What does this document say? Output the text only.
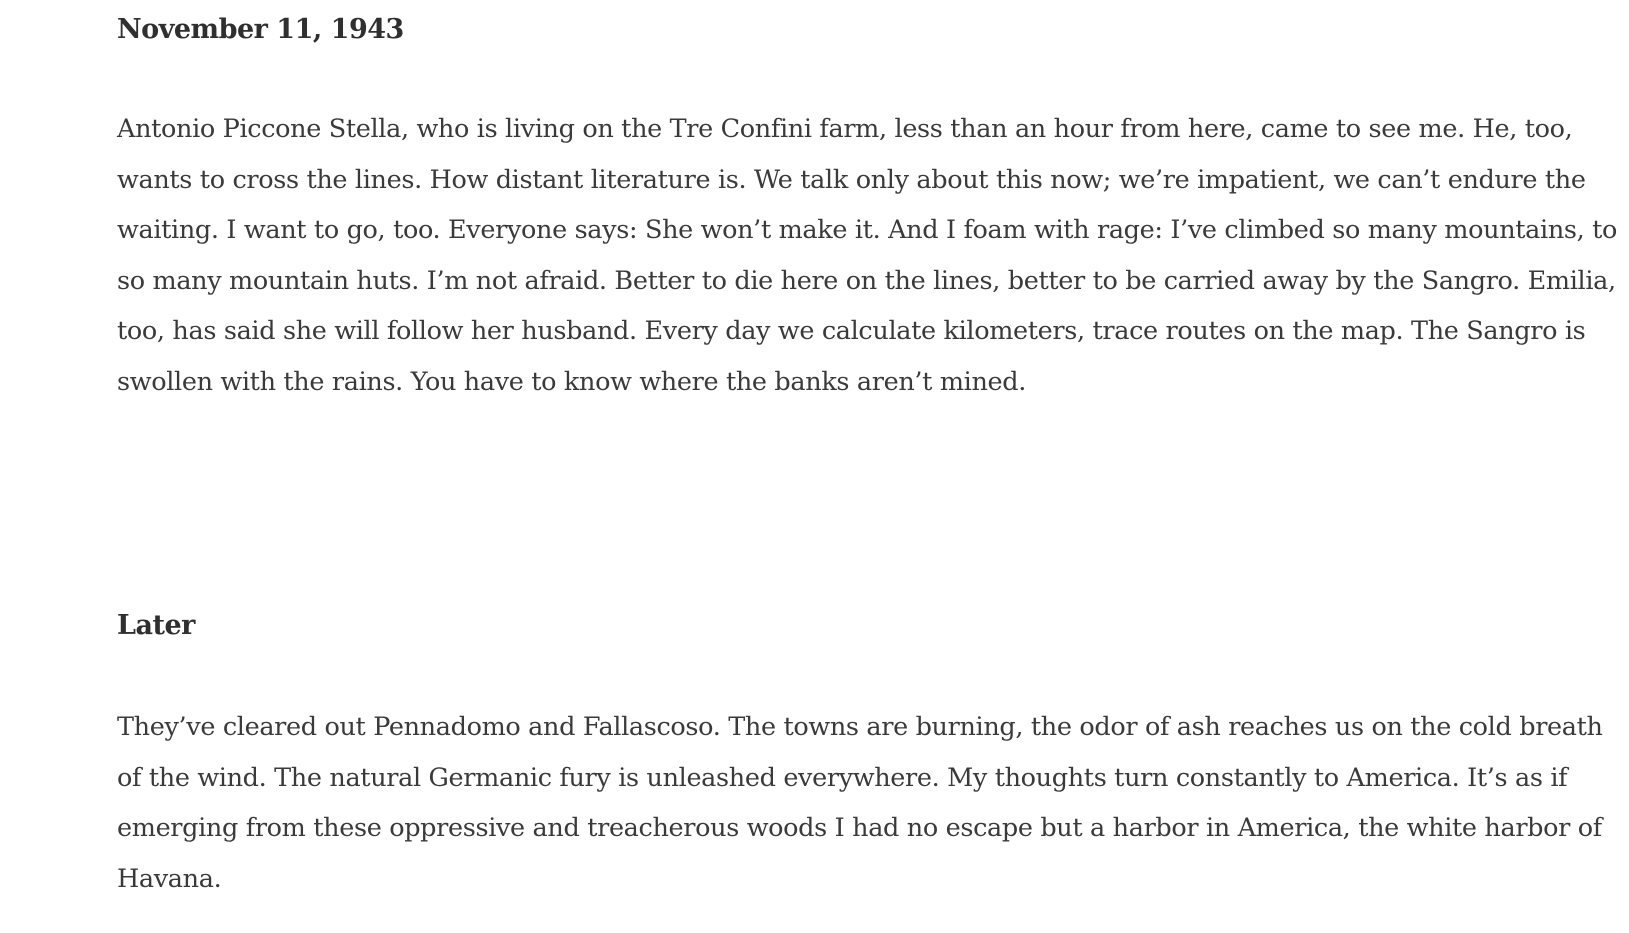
November 11, 1943

Antonio Piccone Stella, who is living on the Tre Confini farm, less than an hour from here, came to see me. He, too, wants to cross the lines. How distant literature is. We talk only about this now; we’re impatient, we can’t endure the waiting. I want to go, too. Everyone says: She won’t make it. And I foam with rage: I’ve climbed so many mountains, to so many mountain huts. I’m not afraid. Better to die here on the lines, better to be carried away by the Sangro. Emilia, too, has said she will follow her husband. Every day we calculate kilometers, trace routes on the map. The Sangro is swollen with the rains. You have to know where the banks aren’t mined.

Later

They’ve cleared out Pennadomo and Fallascoso. The towns are burning, the odor of ash reaches us on the cold breath of the wind. The natural Germanic fury is unleashed everywhere. My thoughts turn constantly to America. It’s as if emerging from these oppressive and treacherous woods I had no escape but a harbor in America, the white harbor of Havana.
